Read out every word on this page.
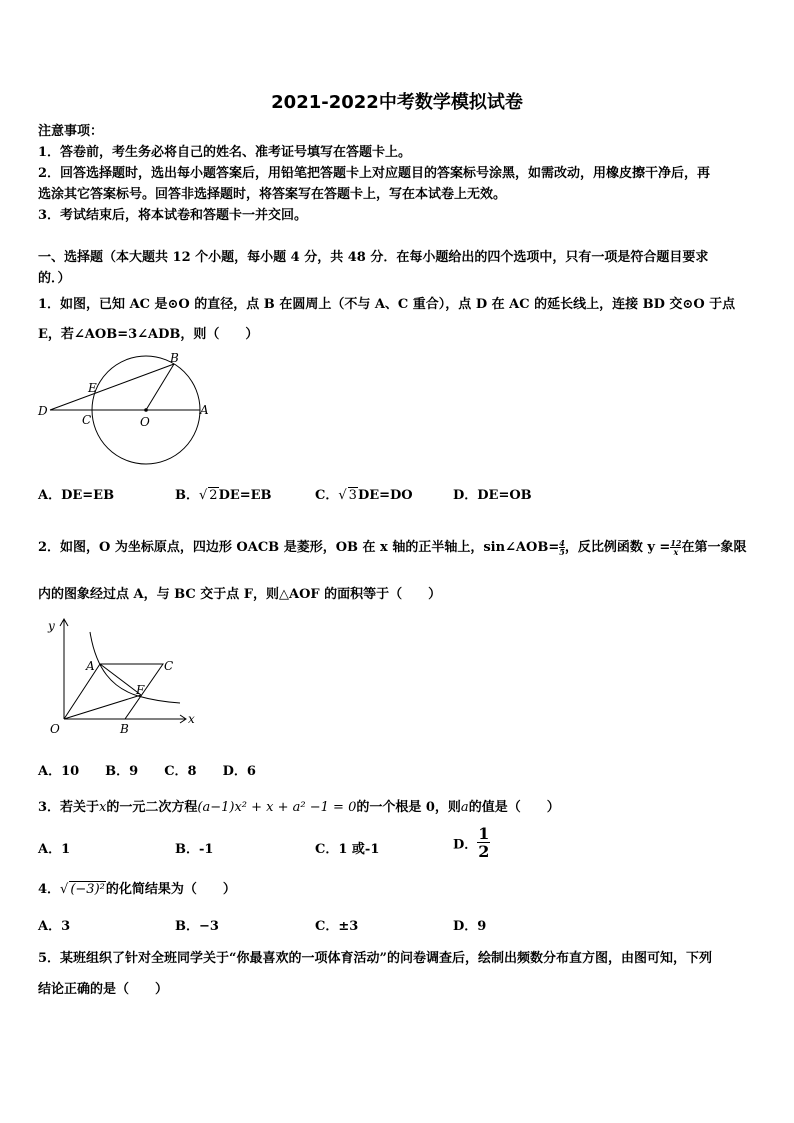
2021-2022中考数学模拟试卷
注意事项：
1．答卷前，考生务必将自己的姓名、准考证号填写在答题卡上。
2．回答选择题时，选出每小题答案后，用铅笔把答题卡上对应题目的答案标号涂黑，如需改动，用橡皮擦干净后，再
选涂其它答案标号。回答非选择题时，将答案写在答题卡上，写在本试卷上无效。
3．考试结束后，将本试卷和答题卡一并交回。
一、选择题（本大题共 12 个小题，每小题 4 分，共 48 分．在每小题给出的四个选项中，只有一项是符合题目要求
的．）
1．如图，已知 AC 是⊙O 的直径，点 B 在圆周上（不与 A、C 重合），点 D 在 AC 的延长线上，连接 BD 交⊙O 于点
E，若∠AOB=3∠ADB，则（　　）
B
E
D
C	O
A
A．DE=EB	B．√ 2DE=EB	C．√ 3DE=DO	D．DE=OB
2．如图，O 为坐标原点，四边形 OACB 是菱形，OB 在 x 轴的正半轴上，sin∠AOB= $\frac{4}{5}$ ，反比例函数 $y = \frac{12}{x}$ 在第一象限
内的图象经过点 A，与 BC 交于点 F，则△AOF 的面积等于（　　）
y
x
A	C
F
O	B
A．10　　B．9　　C．8　　D．6
3．若关于x的一元二次方程(a−1)x² + x + a² −1 = 0的一个根是 0，则a的值是（　　）
A．1	B．-1	C．1 或-1	D． $\frac{1}{2}$
4．√ (−3)²的化简结果为（　　）
A．3	B．−3	C．±3	D．9
5．某班组织了针对全班同学关于“你最喜欢的一项体育活动”的问卷调查后，绘制出频数分布直方图，由图可知，下列
结论正确的是（　　）
